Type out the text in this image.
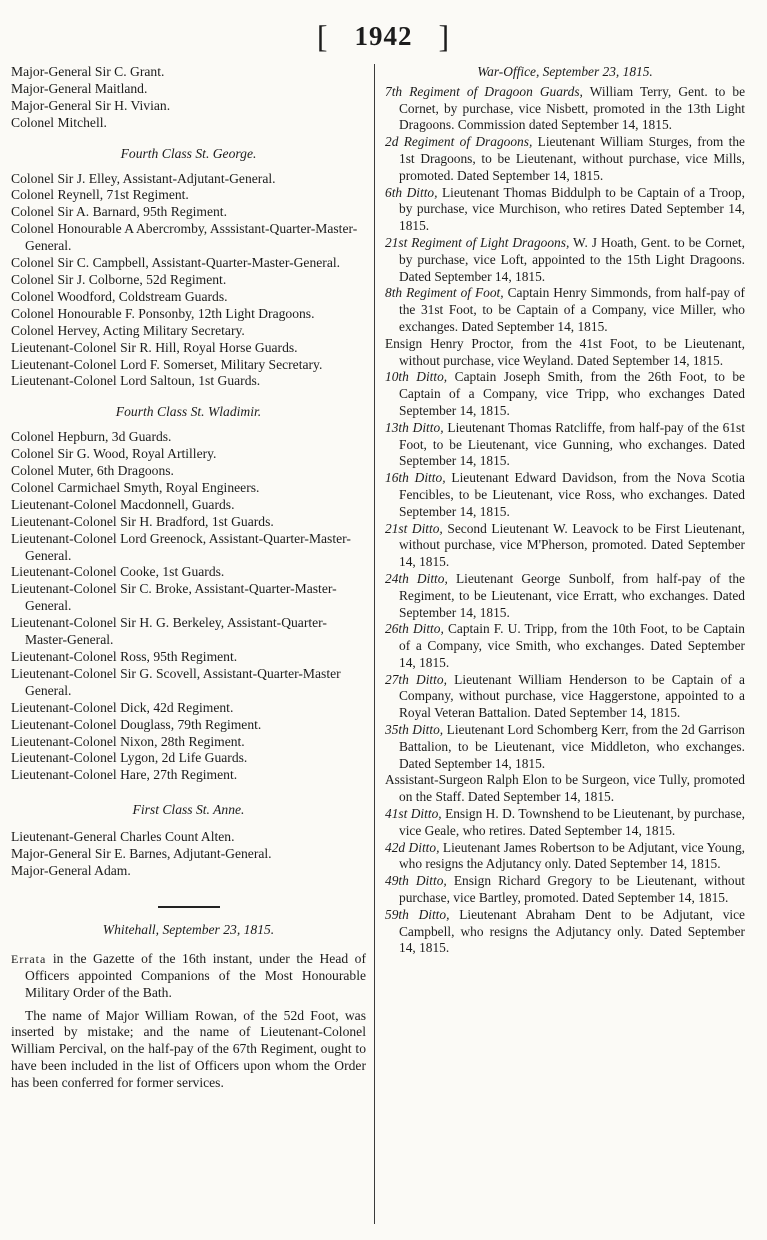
[ 1942 ]
Major-General Sir C. Grant.
Major-General Maitland.
Major-General Sir H. Vivian.
Colonel Mitchell.
Fourth Class St. George.
Colonel Sir J. Elley, Assistant-Adjutant-General.
Colonel Reynell, 71st Regiment.
Colonel Sir A. Barnard, 95th Regiment.
Colonel Honourable A Abercromby, Asssistant-Quarter-Master-General.
Colonel Sir C. Campbell, Assistant-Quarter-Master-General.
Colonel Sir J. Colborne, 52d Regiment.
Colonel Woodford, Coldstream Guards.
Colonel Honourable F. Ponsonby, 12th Light Dragoons.
Colonel Hervey, Acting Military Secretary.
Lieutenant-Colonel Sir R. Hill, Royal Horse Guards.
Lieutenant-Colonel Lord F. Somerset, Military Secretary.
Lieutenant-Colonel Lord Saltoun, 1st Guards.
Fourth Class St. Wladimir.
Colonel Hepburn, 3d Guards.
Colonel Sir G. Wood, Royal Artillery.
Colonel Muter, 6th Dragoons.
Colonel Carmichael Smyth, Royal Engineers.
Lieutenant-Colonel Macdonnell, Guards.
Lieutenant-Colonel Sir H. Bradford, 1st Guards.
Lieutenant-Colonel Lord Greenock, Assistant-Quarter-Master-General.
Lieutenant-Colonel Cooke, 1st Guards.
Lieutenant-Colonel Sir C. Broke, Assistant-Quarter-Master-General.
Lieutenant-Colonel Sir H. G. Berkeley, Assistant-Quarter-Master-General.
Lieutenant-Colonel Ross, 95th Regiment.
Lieutenant-Colonel Sir G. Scovell, Assistant-Quarter-Master General.
Lieutenant-Colonel Dick, 42d Regiment.
Lieutenant-Colonel Douglass, 79th Regiment.
Lieutenant-Colonel Nixon, 28th Regiment.
Lieutenant-Colonel Lygon, 2d Life Guards.
Lieutenant-Colonel Hare, 27th Regiment.
First Class St. Anne.
Lieutenant-General Charles Count Alten.
Major-General Sir E. Barnes, Adjutant-General.
Major-General Adam.
Whitehall, September 23, 1815.
Errata in the Gazette of the 16th instant, under the Head of Officers appointed Companions of the Most Honourable Military Order of the Bath.
The name of Major William Rowan, of the 52d Foot, was inserted by mistake; and the name of Lieutenant-Colonel William Percival, on the half-pay of the 67th Regiment, ought to have been included in the list of Officers upon whom the Order has been conferred for former services.
War-Office, September 23, 1815.
7th Regiment of Dragoon Guards, William Terry, Gent. to be Cornet, by purchase, vice Nisbett, promoted in the 13th Light Dragoons. Commission dated September 14, 1815.
2d Regiment of Dragoons, Lieutenant William Sturges, from the 1st Dragoons, to be Lieutenant, without purchase, vice Mills, promoted. Dated September 14, 1815.
6th Ditto, Lieutenant Thomas Biddulph to be Captain of a Troop, by purchase, vice Murchison, who retires Dated September 14, 1815.
21st Regiment of Light Dragoons, W. J Hoath, Gent. to be Cornet, by purchase, vice Loft, appointed to the 15th Light Dragoons. Dated September 14, 1815.
8th Regiment of Foot, Captain Henry Simmonds, from half-pay of the 31st Foot, to be Captain of a Company, vice Miller, who exchanges. Dated September 14, 1815.
Ensign Henry Proctor, from the 41st Foot, to be Lieutenant, without purchase, vice Weyland. Dated September 14, 1815.
10th Ditto, Captain Joseph Smith, from the 26th Foot, to be Captain of a Company, vice Tripp, who exchanges Dated September 14, 1815.
13th Ditto, Lieutenant Thomas Ratcliffe, from half-pay of the 61st Foot, to be Lieutenant, vice Gunning, who exchanges. Dated September 14, 1815.
16th Ditto, Lieutenant Edward Davidson, from the Nova Scotia Fencibles, to be Lieutenant, vice Ross, who exchanges. Dated September 14, 1815.
21st Ditto, Second Lieutenant W. Leavock to be First Lieutenant, without purchase, vice M'Pherson, promoted. Dated September 14, 1815.
24th Ditto, Lieutenant George Sunbolf, from half-pay of the Regiment, to be Lieutenant, vice Erratt, who exchanges. Dated September 14, 1815.
26th Ditto, Captain F. U. Tripp, from the 10th Foot, to be Captain of a Company, vice Smith, who exchanges. Dated September 14, 1815.
27th Ditto, Lieutenant William Henderson to be Captain of a Company, without purchase, vice Haggerstone, appointed to a Royal Veteran Battalion. Dated September 14, 1815.
35th Ditto, Lieutenant Lord Schomberg Kerr, from the 2d Garrison Battalion, to be Lieutenant, vice Middleton, who exchanges. Dated September 14, 1815.
Assistant-Surgeon Ralph Elon to be Surgeon, vice Tully, promoted on the Staff. Dated September 14, 1815.
41st Ditto, Ensign H. D. Townshend to be Lieutenant, by purchase, vice Geale, who retires. Dated September 14, 1815.
42d Ditto, Lieutenant James Robertson to be Adjutant, vice Young, who resigns the Adjutancy only. Dated September 14, 1815.
49th Ditto, Ensign Richard Gregory to be Lieutenant, without purchase, vice Bartley, promoted. Dated September 14, 1815.
59th Ditto, Lieutenant Abraham Dent to be Adjutant, vice Campbell, who resigns the Adjutancy only. Dated September 14, 1815.
